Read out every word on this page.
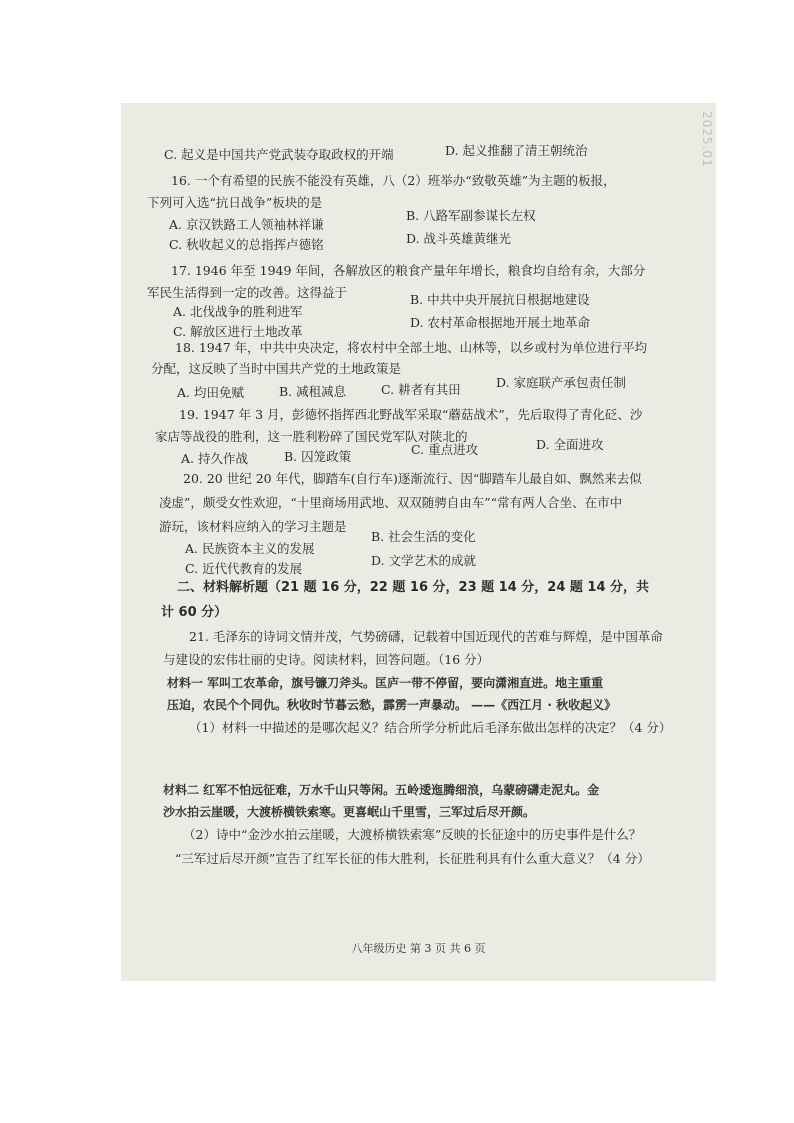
2025.01
C. 起义是中国共产党武装夺取政权的开端	D. 起义推翻了清王朝统治
16. 一个有希望的民族不能没有英雄，八（2）班举办“致敬英雄”为主题的板报，
下列可入选“抗日战争”板块的是
A. 京汉铁路工人领袖林祥谦
B. 八路军副参谋长左权
C. 秋收起义的总指挥卢德铭	D. 战斗英雄黄继光
17. 1946 年至 1949 年间，各解放区的粮食产量年年增长，粮食均自给有余，大部分
军民生活得到一定的改善。这得益于
A. 北伐战争的胜利进军
B. 中共中央开展抗日根据地建设
C. 解放区进行土地改革
D. 农村革命根据地开展土地革命
18. 1947 年，中共中央决定，将农村中全部土地、山林等，以乡或村为单位进行平均
分配，这反映了当时中国共产党的土地政策是
A. 均田免赋	B. 减租减息	C. 耕者有其田	D. 家庭联产承包责任制
19. 1947 年 3 月，彭德怀指挥西北野战军采取“蘑菇战术”，先后取得了青化砭、沙
家店等战役的胜利，这一胜利粉碎了国民党军队对陕北的
A. 持久作战	B. 囚笼政策	C. 重点进攻	D. 全面进攻
20. 20 世纪 20 年代，脚踏车(自行车)逐渐流行、因“脚踏车儿最自如、飘然来去似
凌虚”，颇受女性欢迎，“十里商场用武地、双双随骋自由车”“常有两人合坐、在市中
游玩，该材料应纳入的学习主题是
A. 民族资本主义的发展
B. 社会生活的变化
C. 近代代教育的发展
D. 文学艺术的成就
二、材料解析题（21 题 16 分，22 题 16 分，23 题 14 分，24 题 14 分，共
计 60 分）
21. 毛泽东的诗词文情并茂，气势磅礴，记载着中国近现代的苦难与辉煌，是中国革命
与建设的宏伟壮丽的史诗。阅读材料，回答问题。（16 分）
材料一 军叫工农革命，旗号镰刀斧头。匡庐一带不停留，要向潇湘直进。地主重重
压迫，农民个个同仇。秋收时节暮云愁，霹雳一声暴动。 ——《西江月 · 秋收起义》
（1）材料一中描述的是哪次起义？结合所学分析此后毛泽东做出怎样的决定？（4 分）
材料二 红军不怕远征难，万水千山只等闲。五岭逶迤腾细浪，乌蒙磅礴走泥丸。金
沙水拍云崖暖，大渡桥横铁索寒。更喜岷山千里雪，三军过后尽开颜。
（2）诗中“金沙水拍云崖暖，大渡桥横铁索寒”反映的长征途中的历史事件是什么？
“三军过后尽开颜”宣告了红军长征的伟大胜利，长征胜利具有什么重大意义？（4 分）
八年级历史 第 3 页 共 6 页
